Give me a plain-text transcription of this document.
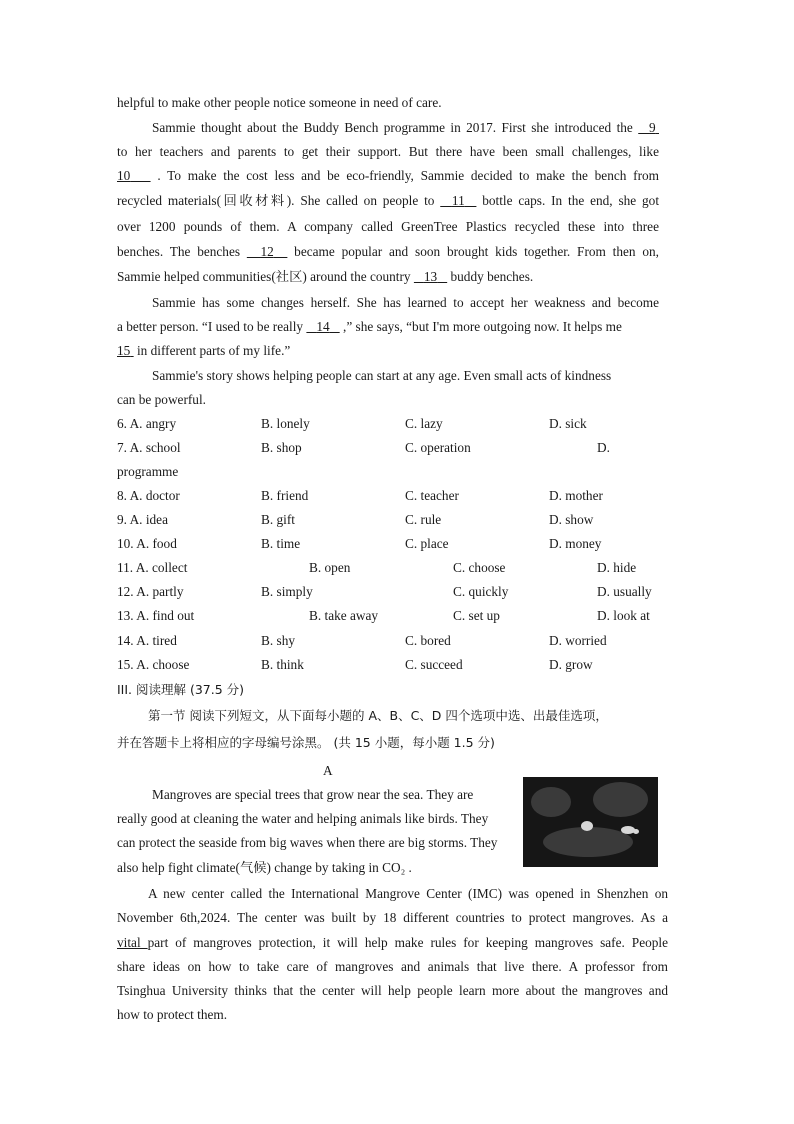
helpful to make other people notice someone in need of care.
Sammie thought about the Buddy Bench programme in 2017. First she introduced the   9
to her teachers and parents to get their support. But there have been small challenges, like
10    . To make the cost less and be eco-friendly, Sammie decided to make the bench from
recycled materials(回收材料). She called on people to   11   bottle caps. In the end, she got
over 1200 pounds of them. A company called GreenTree Plastics recycled these into three
benches. The benches   12   became popular and soon brought kids together. From then on,
Sammie helped communities(社区) around the country    13    buddy benches.
Sammie has some changes herself. She has learned to accept her weakness and become
a better person. “I used to be really    14    ,” she says, “but I'm more outgoing now. It helps me
15  in different parts of my life.”
Sammie's story shows helping people can start at any age. Even small acts of kindness
can be powerful.
6. A. angry	B. lonely	C. lazy	D. sick
7. A. school	B. shop	C. operation	D.
programme
8. A. doctor	B. friend	C. teacher	D. mother
9. A. idea	B. gift	C. rule	D. show
10. A. food	B. time	C. place	D. money
11. A. collect	B. open	C. choose	D. hide
12. A. partly	B. simply	C. quickly	D. usually
13. A. find out	B. take away	C. set up	D. look at
14. A. tired	B. shy	C. bored	D. worried
15. A. choose	B. think	C. succeed	D. grow
III. 阅读理解 (37.5 分)
第一节 阅读下列短文，从下面每小题的 A、B、C、D 四个选项中选、出最佳选项，
并在答题卡上将相应的字母编号涂黑。 (共 15 小题，每小题 1.5 分)
A
Mangroves are special trees that grow near the sea. They are
really good at cleaning the water and helping animals like birds. They
can protect the seaside from big waves when there are big storms. They
also help fight climate(气候) change by taking in CO₂ .
A new center called the International Mangrove Center (IMC) was opened in Shenzhen on
November 6th,2024. The center was built by 18 different countries to protect mangroves. As a
vital part of mangroves protection, it will help make rules for keeping mangroves safe. People
share ideas on how to take care of mangroves and animals that live there. A professor from
Tsinghua University thinks that the center will help people learn more about the mangroves and
how to protect them.
